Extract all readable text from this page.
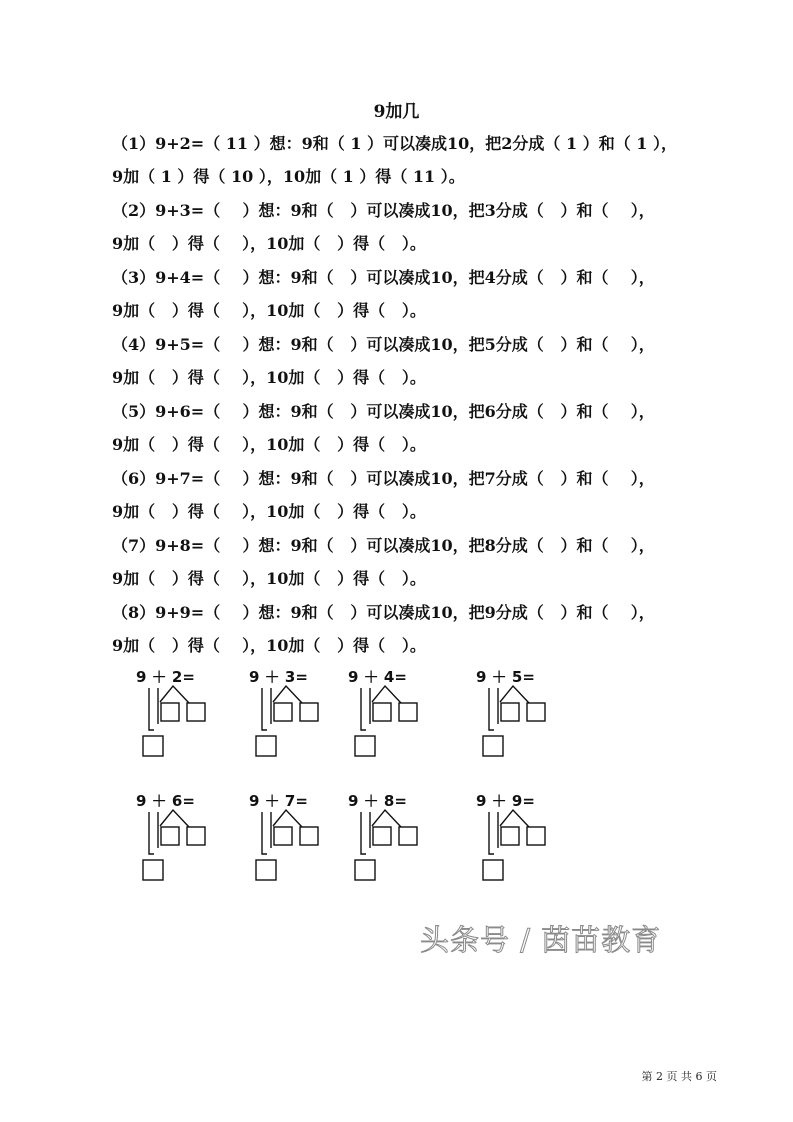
9加几
（1）9+2=（ 11 ）想：9和（ 1 ）可以凑成10，把2分成（ 1 ）和（ 1 ），
9加（ 1 ）得（ 10 ），10加（ 1 ）得（ 11 ）。
（2）9+3=（    ）想：9和（   ）可以凑成10，把3分成（   ）和（    ），
9加（   ）得（    ），10加（   ）得（   ）。
（3）9+4=（    ）想：9和（   ）可以凑成10，把4分成（   ）和（    ），
9加（   ）得（    ），10加（   ）得（   ）。
（4）9+5=（    ）想：9和（   ）可以凑成10，把5分成（   ）和（    ），
9加（   ）得（    ），10加（   ）得（   ）。
（5）9+6=（    ）想：9和（   ）可以凑成10，把6分成（   ）和（    ），
9加（   ）得（    ），10加（   ）得（   ）。
（6）9+7=（    ）想：9和（   ）可以凑成10，把7分成（   ）和（    ），
9加（   ）得（    ），10加（   ）得（   ）。
（7）9+8=（    ）想：9和（   ）可以凑成10，把8分成（   ）和（    ），
9加（   ）得（    ），10加（   ）得（   ）。
（8）9+9=（    ）想：9和（   ）可以凑成10，把9分成（   ）和（    ），
9加（   ）得（    ），10加（   ）得（   ）。
9 ＋ 2=	9 ＋ 3=	9 ＋ 4=	9 ＋ 5=
9 ＋ 6=	9 ＋ 7=	9 ＋ 8=	9 ＋ 9=
头条号 / 茵苗教育
第 2 页 共 6 页
